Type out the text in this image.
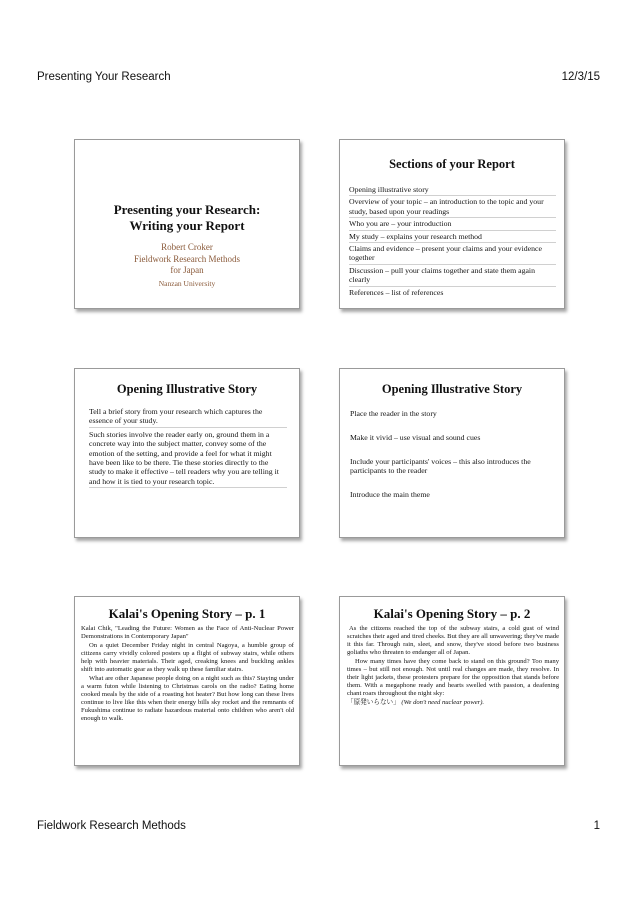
Presenting Your Research	12/3/15
Presenting your Research:
Writing your Report
Robert Croker
Fieldwork Research Methods
for Japan
Nanzan University
Sections of your Report
Opening illustrative story
Overview of your topic – an introduction to the topic and your study, based upon your readings
Who you are – your introduction
My study – explains your research method
Claims and evidence – present your claims and your evidence together
Discussion – pull your claims together and state them again clearly
References – list of references
Opening Illustrative Story
Tell a brief story from your research which captures the essence of your study.
Such stories involve the reader early on, ground them in a concrete way into the subject matter, convey some of the emotion of the setting, and provide a feel for what it might have been like to be there. Tie these stories directly to the study to make it effective – tell readers why you are telling it and how it is tied to your research topic.
Opening Illustrative Story
Place the reader in the story
Make it vivid – use visual and sound cues
Include your participants' voices – this also introduces the participants to the reader
Introduce the main theme
Kalai's Opening Story – p. 1

Kalai Chik, "Leading the Future: Women as the Face of Anti-Nuclear Power Demonstrations in Contemporary Japan"

On a quiet December Friday night in central Nagoya, a humble group of citizens carry vividly colored posters up a flight of subway stairs, while others help with heavier materials. Their aged, creaking knees and buckling ankles shift into automatic gear as they walk up these familiar stairs.

What are other Japanese people doing on a night such as this? Staying under a warm futon while listening to Christmas carols on the radio? Eating home cooked meals by the side of a roasting hot heater? But how long can these lives continue to live like this when their energy bills sky rocket and the remnants of Fukushima continue to radiate hazardous material onto children who aren't old enough to walk.

Kalai's Opening Story – p. 2

As the citizens reached the top of the subway stairs, a cold gust of wind scratches their aged and tired cheeks. But they are all unwavering; they've made it this far. Through rain, sleet, and snow, they've stood before two business goliaths who threaten to endanger all of Japan.

How many times have they come back to stand on this ground? Too many times – but still not enough. Not until real changes are made, they resolve. In their light jackets, these protesters prepare for the opposition that stands before them. With a megaphone ready and hearts swelled with passion, a deafening chant roars throughout the night sky:

「原発いらない」 (We don't need nuclear power).

Fieldwork Research Methods	1
